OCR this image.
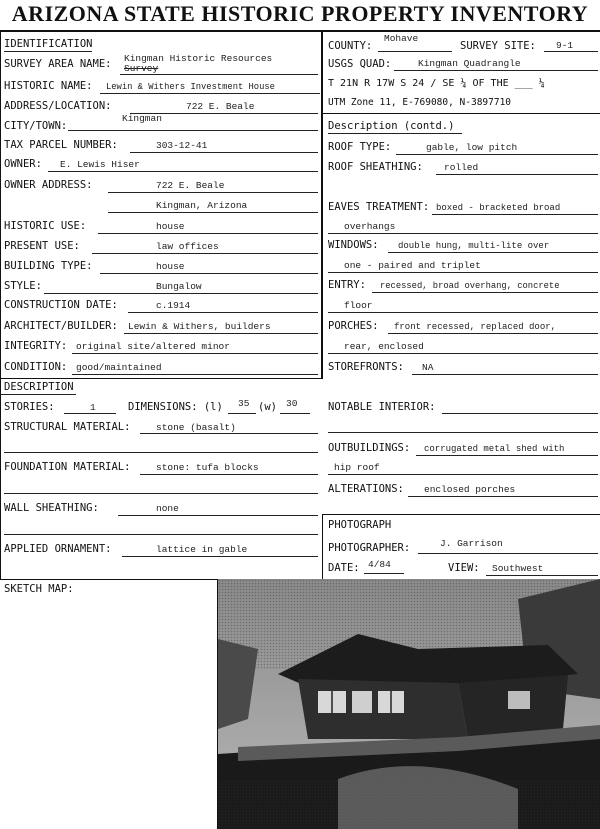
ARIZONA STATE HISTORIC PROPERTY INVENTORY
IDENTIFICATION
SURVEY AREA NAME: Kingman Historic Resources
Survey
HISTORIC NAME: Lewin & Withers Investment House
ADDRESS/LOCATION:	722 E. Beale
CITY/TOWN:
Kingman
TAX PARCEL NUMBER:	303-12-41
OWNER: E. Lewis Hiser
OWNER ADDRESS:	722 E. Beale
Kingman, Arizona
HISTORIC USE:	house
PRESENT USE:	law offices
BUILDING TYPE:	house
STYLE:	Bungalow
CONSTRUCTION DATE:	c.1914
ARCHITECT/BUILDER: Lewin & Withers, builders
INTEGRITY: original site/altered minor
CONDITION: good/maintained
COUNTY:
Mohave
SURVEY SITE: 9-1
USGS QUAD:	Kingman Quadrangle
T 21N R 17W S 24 / SE ¼ OF THE ___ ¼
UTM Zone 11, E-769080, N-3897710
Description (contd.)
ROOF TYPE:	gable, low pitch
ROOF SHEATHING: rolled
EAVES TREATMENT: boxed - bracketed broad
overhangs
WINDOWS: double hung, multi-lite over
one - paired and triplet
ENTRY: recessed, broad overhang, concrete
floor
PORCHES: front recessed, replaced door,
rear, enclosed
STOREFRONTS: NA
NOTABLE INTERIOR:
OUTBUILDINGS: corrugated metal shed with
hip roof
ALTERATIONS: enclosed porches
DESCRIPTION
STORIES:	1	DIMENSIONS: (l) 35 (w) 30
STRUCTURAL MATERIAL:	stone (basalt)
FOUNDATION MATERIAL:	stone: tufa blocks
WALL SHEATHING:	none
APPLIED ORNAMENT:	lattice in gable
PHOTOGRAPH
PHOTOGRAPHER:	J. Garrison
DATE: 4/84	VIEW: Southwest
SKETCH MAP:
